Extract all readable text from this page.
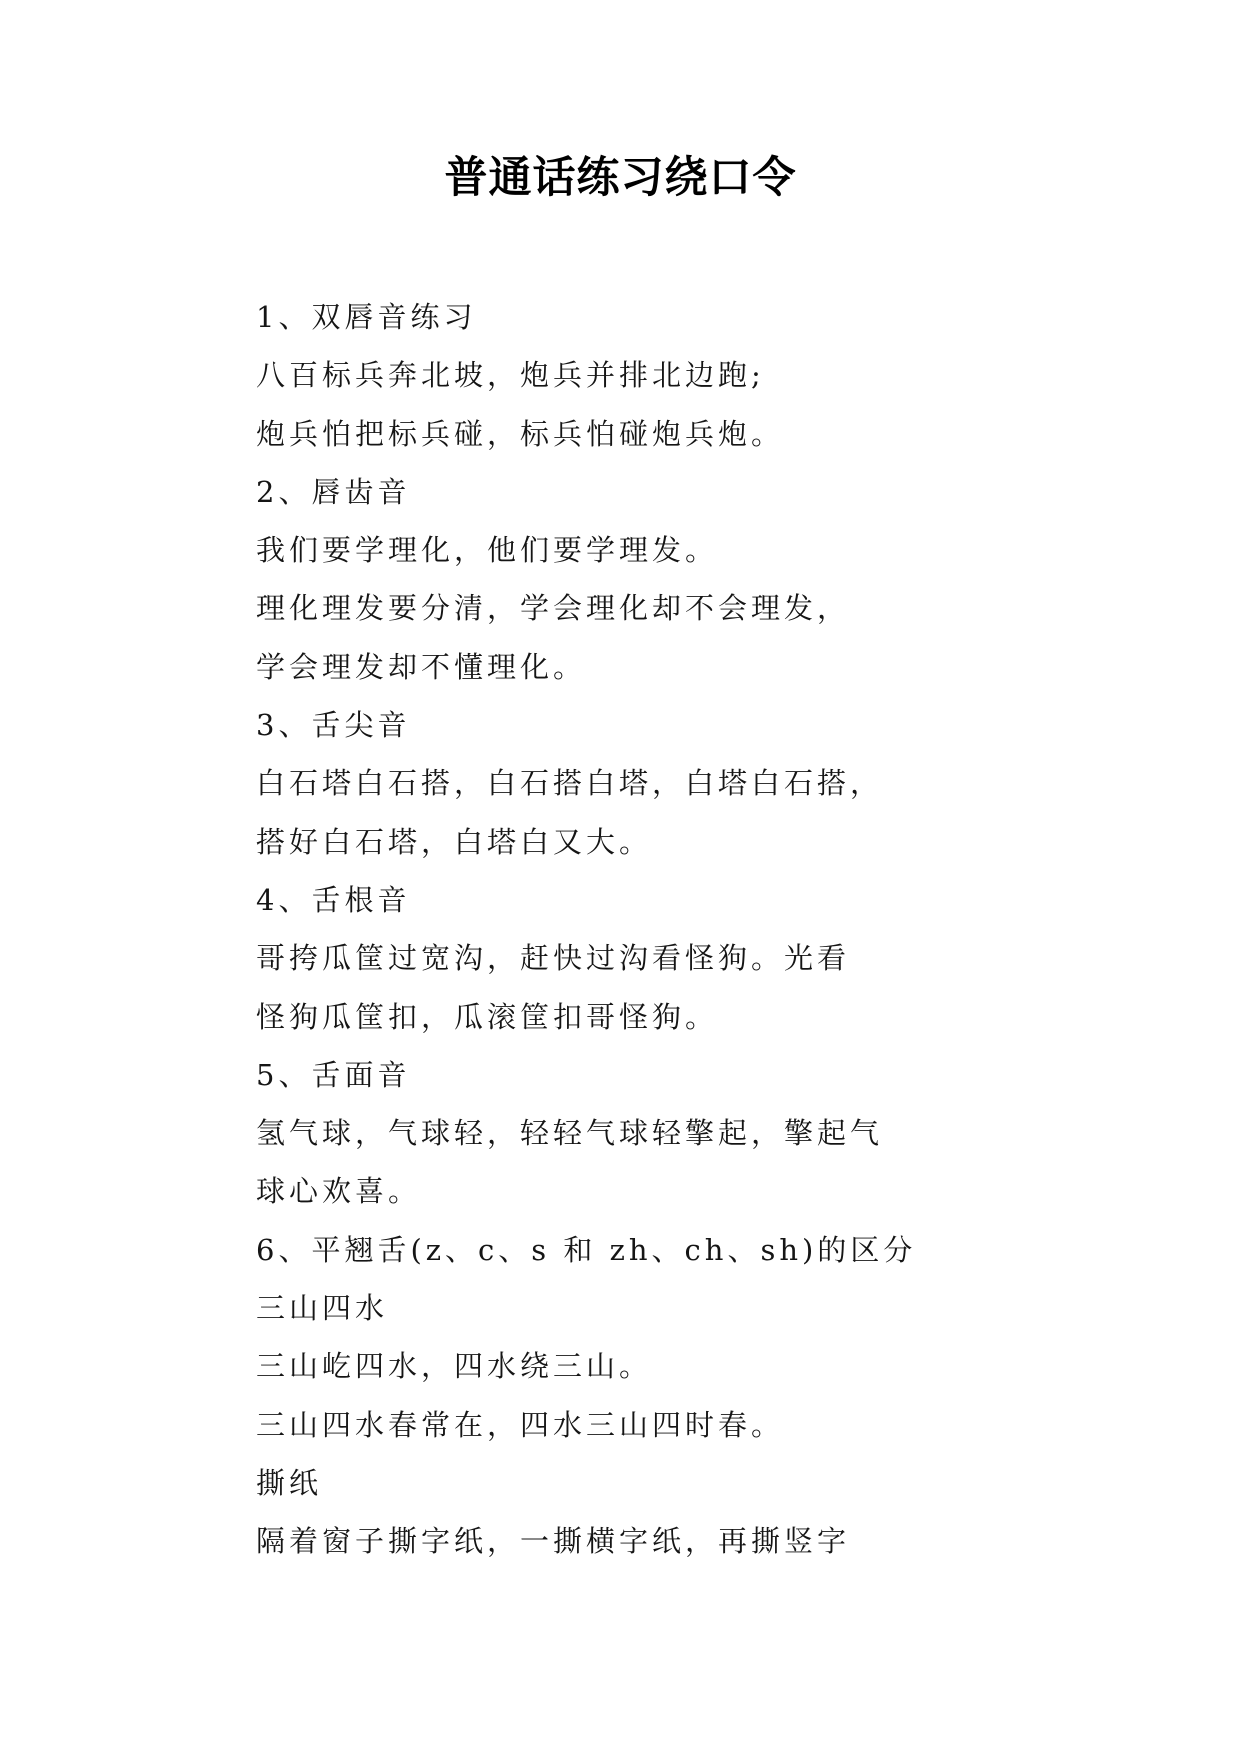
普通话练习绕口令
1、双唇音练习
八百标兵奔北坡，炮兵并排北边跑;
炮兵怕把标兵碰，标兵怕碰炮兵炮。
2、唇齿音
我们要学理化，他们要学理发。
理化理发要分清，学会理化却不会理发，
学会理发却不懂理化。
3、舌尖音
白石塔白石搭，白石搭白塔，白塔白石搭，
搭好白石塔，白塔白又大。
4、舌根音
哥挎瓜筐过宽沟，赶快过沟看怪狗。光看
怪狗瓜筐扣，瓜滚筐扣哥怪狗。
5、舌面音
氢气球，气球轻，轻轻气球轻擎起，擎起气
球心欢喜。
6、平翘舌(z、c、s 和 zh、ch、sh)的区分
三山四水
三山屹四水，四水绕三山。
三山四水春常在，四水三山四时春。
撕纸
隔着窗子撕字纸，一撕横字纸，再撕竖字
